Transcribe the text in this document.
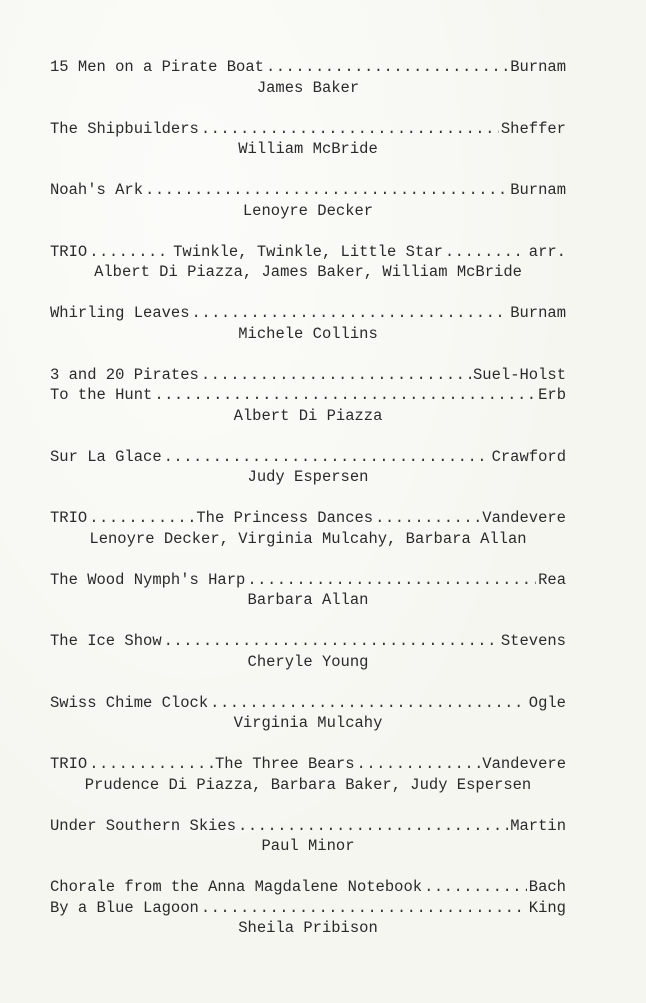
15 Men on a Pirate Boat .....	Burnam
James Baker
The Shipbuilders .....	Sheffer
William McBride
Noah's Ark .....	Burnam
Lenoyre Decker
TRIO .....	Twinkle, Twinkle, Little Star .....	arr.
Albert Di Piazza, James Baker, William McBride
Whirling Leaves .....	Burnam
Michele Collins
3 and 20 Pirates .....	Suel-Holst
To the Hunt .....	Erb
Albert Di Piazza
Sur La Glace .....	Crawford
Judy Espersen
TRIO .....	The Princess Dances .....	Vandevere
Lenoyre Decker, Virginia Mulcahy, Barbara Allan
The Wood Nymph's Harp .....	Rea
Barbara Allan
The Ice Show .....	Stevens
Cheryle Young
Swiss Chime Clock .....	Ogle
Virginia Mulcahy
TRIO .....	The Three Bears .....	Vandevere
Prudence Di Piazza, Barbara Baker, Judy Espersen
Under Southern Skies .....	Martin
Paul Minor
Chorale from the Anna Magdalene Notebook .....	Bach
By a Blue Lagoon .....	King
Sheila Pribison
